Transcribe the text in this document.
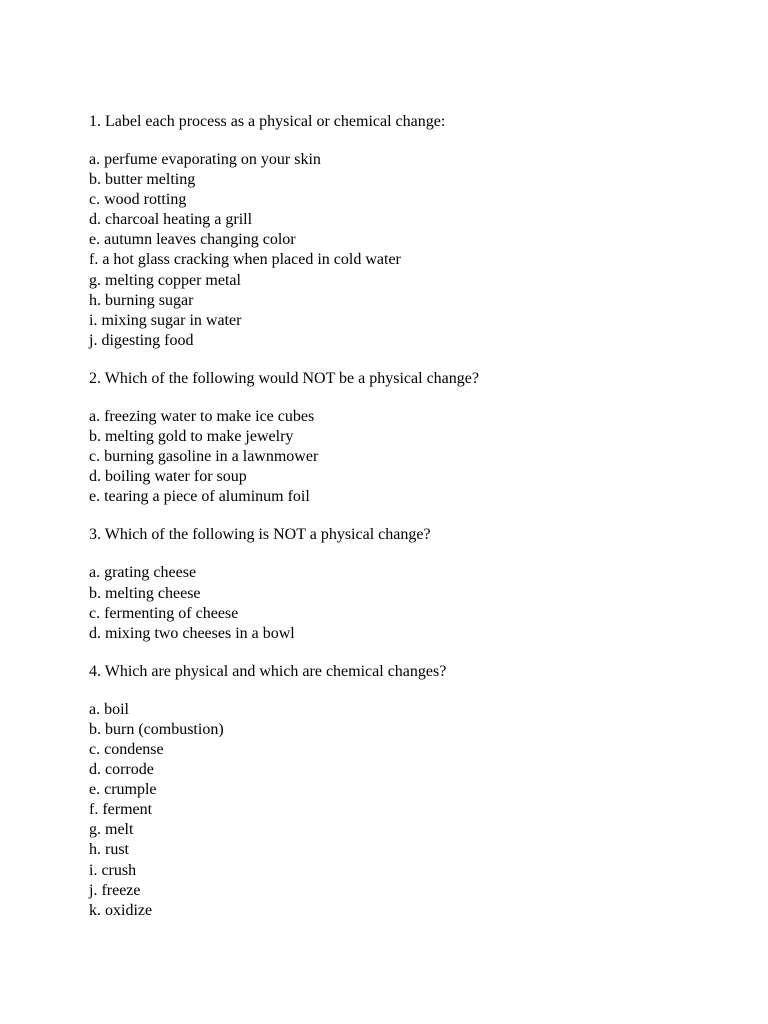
1. Label each process as a physical or chemical change:

a. perfume evaporating on your skin
b. butter melting
c. wood rotting
d. charcoal heating a grill
e. autumn leaves changing color
f. a hot glass cracking when placed in cold water
g. melting copper metal
h. burning sugar
i. mixing sugar in water
j. digesting food

2. Which of the following would NOT be a physical change?

a. freezing water to make ice cubes
b. melting gold to make jewelry
c. burning gasoline in a lawnmower
d. boiling water for soup
e. tearing a piece of aluminum foil

3. Which of the following is NOT a physical change?

a. grating cheese
b. melting cheese
c. fermenting of cheese
d. mixing two cheeses in a bowl

4. Which are physical and which are chemical changes?

a. boil
b. burn (combustion)
c. condense
d. corrode
e. crumple
f. ferment
g. melt
h. rust
i. crush
j. freeze
k. oxidize
